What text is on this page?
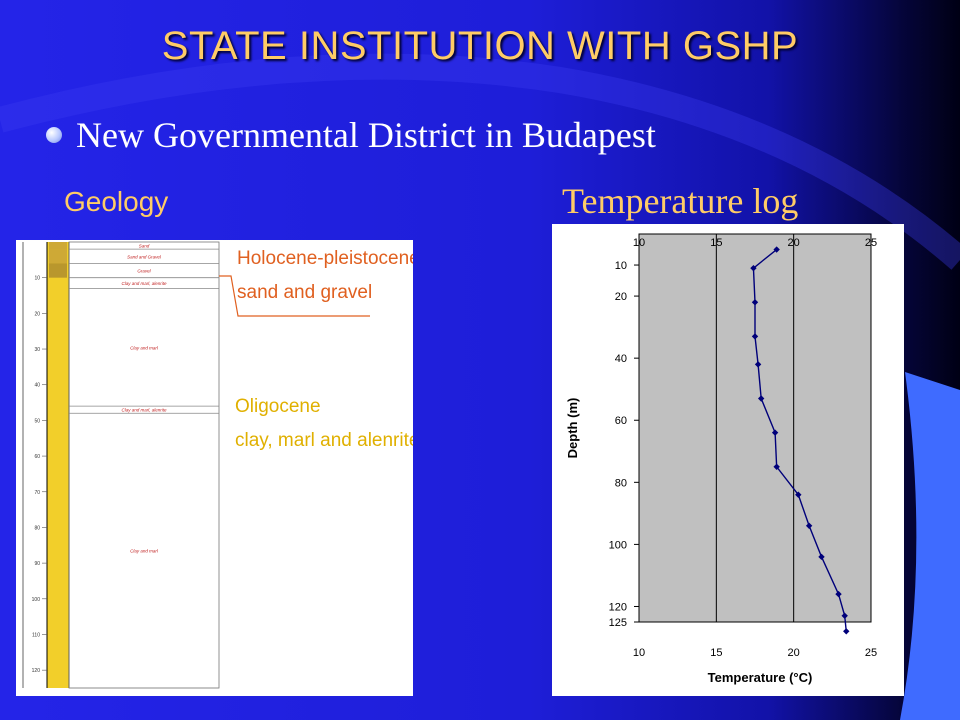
STATE INSTITUTION WITH GSHP
New Governmental District in Budapest
Geology	Temperature log
Sand
Sand and Gravel
Gravel
Clay and marl, alenrite
Clay and marl
Clay and marl, alenrite
Clay and marl
10
20
30
40
50
60
70
80
90
100
110
120
Holocene-pleistocene
sand and gravel
Oligocene
clay, marl and alenrite
10
10
15
15
20
20
25
25
10
20
40
60
80
100
120
125
Depth (m)
Temperature (°C)
